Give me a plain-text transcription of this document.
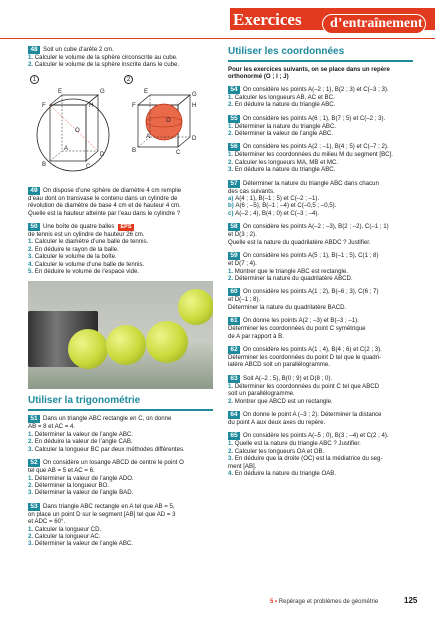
Exercices d’entraînement
48 Soit un cube d’arête 2 cm.
1. Calculer le volume de la sphère circonscrite au cube.
2. Calculer le volume de la sphère inscrite dans le cube.
1	2
E	G
F	H
A
B
D
C
O
E
F	H
A
G
B
D
C
O
49 On dispose d’une sphère de diamètre 4 cm remplie
d’eau dont on transvase le contenu dans un cylindre de
révolution de diamètre de base 4 cm et de hauteur 4 cm.
Quelle est la hauteur atteinte par l’eau dans le cylindre ?
50 Une boîte de quatre balles EPS
de tennis est un cylindre de hauteur 26 cm.
1. Calculer le diamètre d’une balle de tennis.
2. En déduire le rayon de la balle.
3. Calculer le volume de la boîte.
4. Calculer le volume d’une balle de tennis.
5. En déduire le volume de l’espace vide.
Utiliser la trigonométrie
51 Dans un triangle ABC rectangle en C, on donne
AB = 8 et AC = 4.
1. Déterminer la valeur de l’angle ABC.
2. En déduire la valeur de l’angle CAB.
3. Calculer la longueur BC par deux méthodes différentes.
52 On considère un losange ABCD de centre le point O
tel que AB = 5 et AC = 6.
1. Déterminer la valeur de l’angle ADO.
2. Déterminer la longueur BO.
3. Déterminer la valeur de l’angle BAD.
53 Dans triangle ABC rectangle en A tel que AB = 5,
on place un point D sur le segment [AB] tel que AD = 3
et ADC = 60°.
1. Calculer la longueur CD.
2. Calculer la longueur AC.
3. Déterminer la valeur de l’angle ABC.
Utiliser les coordonnées
Pour les exercices suivants, on se place dans un repère orthonormé (O ; I ; J)
54 On considère les points A(–2 ; 1), B(2 ; 3) et C(–3 ; 3).
1. Calculer les longueurs AB, AC et BC.
2. En déduire la nature du triangle ABC.
55 On considère les points A(6 ; 1), B(7 ; 5) et C(–2 ; 3).
1. Déterminer la nature du triangle ABC.
2. Déterminer la valeur de l’angle ABC.
56 On considère les points A(2 ; –1), B(4 ; 5) et C(–7 ; 2).
1. Déterminer les coordonnées du milieu M du segment [BC].
2. Calculer les longueurs MA, MB et MC.
3. En déduire la nature du triangle ABC.
57 Déterminer la nature du triangle ABC dans chacun
des cas suivants.
a) A(4 ; 1), B(–1 ; 5) et C(–2 ; –1).
b) A(6 ; –5), B(–1 ; –4) et C(–0,5 ; –0,5).
c) A(–2 ; 4), B(4 ; 0) et C(–3 ; –4).
58 On considère les points A(–2 ; –3), B(2 ; –2), C(–1 ; 1)
et D(3 ; 2).
Quelle est la nature du quadrilatère ABDC ? Justifier.
59 On considère les points A(5 ; 1), B(–1 ; 5), C(1 ; 8)
et D(7 ; 4).
1. Montrer que le triangle ABC est rectangle.
2. Déterminer la nature du quadrilatère ABCD.
60 On considère les points A(1 ; 2), B(–6 ; 3), C(6 ; 7)
et D(–1 ; 8).
Déterminer la nature du quadrilatère BACD.
61 On donne les points A(2 ; –3) et B(–3 ; –1).
Déterminer les coordonnées du point C symétrique
de A par rapport à B.
62 On considère les points A(1 ; 4), B(4 ; 6) et C(2 ; 3).
Déterminer les coordonnées du point D tel que le quadri-
latère ABCD soit un parallélogramme.
63 Soit A(–2 ; 5), B(0 ; 9) et D(8 ; 0).
1. Déterminer les coordonnées du point C tel que ABCD
soit un parallélogramme.
2. Montrer que ABCD est un rectangle.
64 On donne le point A (–3 ; 2). Déterminer la distance
du point A aux deux axes du repère.
65 On considère les points A(–5 ; 0), B(3 ; –4) et C(2 ; 4).
1. Quelle est la nature du triangle ABC ? Justifier.
2. Calculer les longueurs OA et OB.
3. En déduire que la droite (OC) est la médiatrice du seg-
ment [AB].
4. En déduire la nature du triangle OAB.
5 • Repérage et problèmes de géométrie	125
